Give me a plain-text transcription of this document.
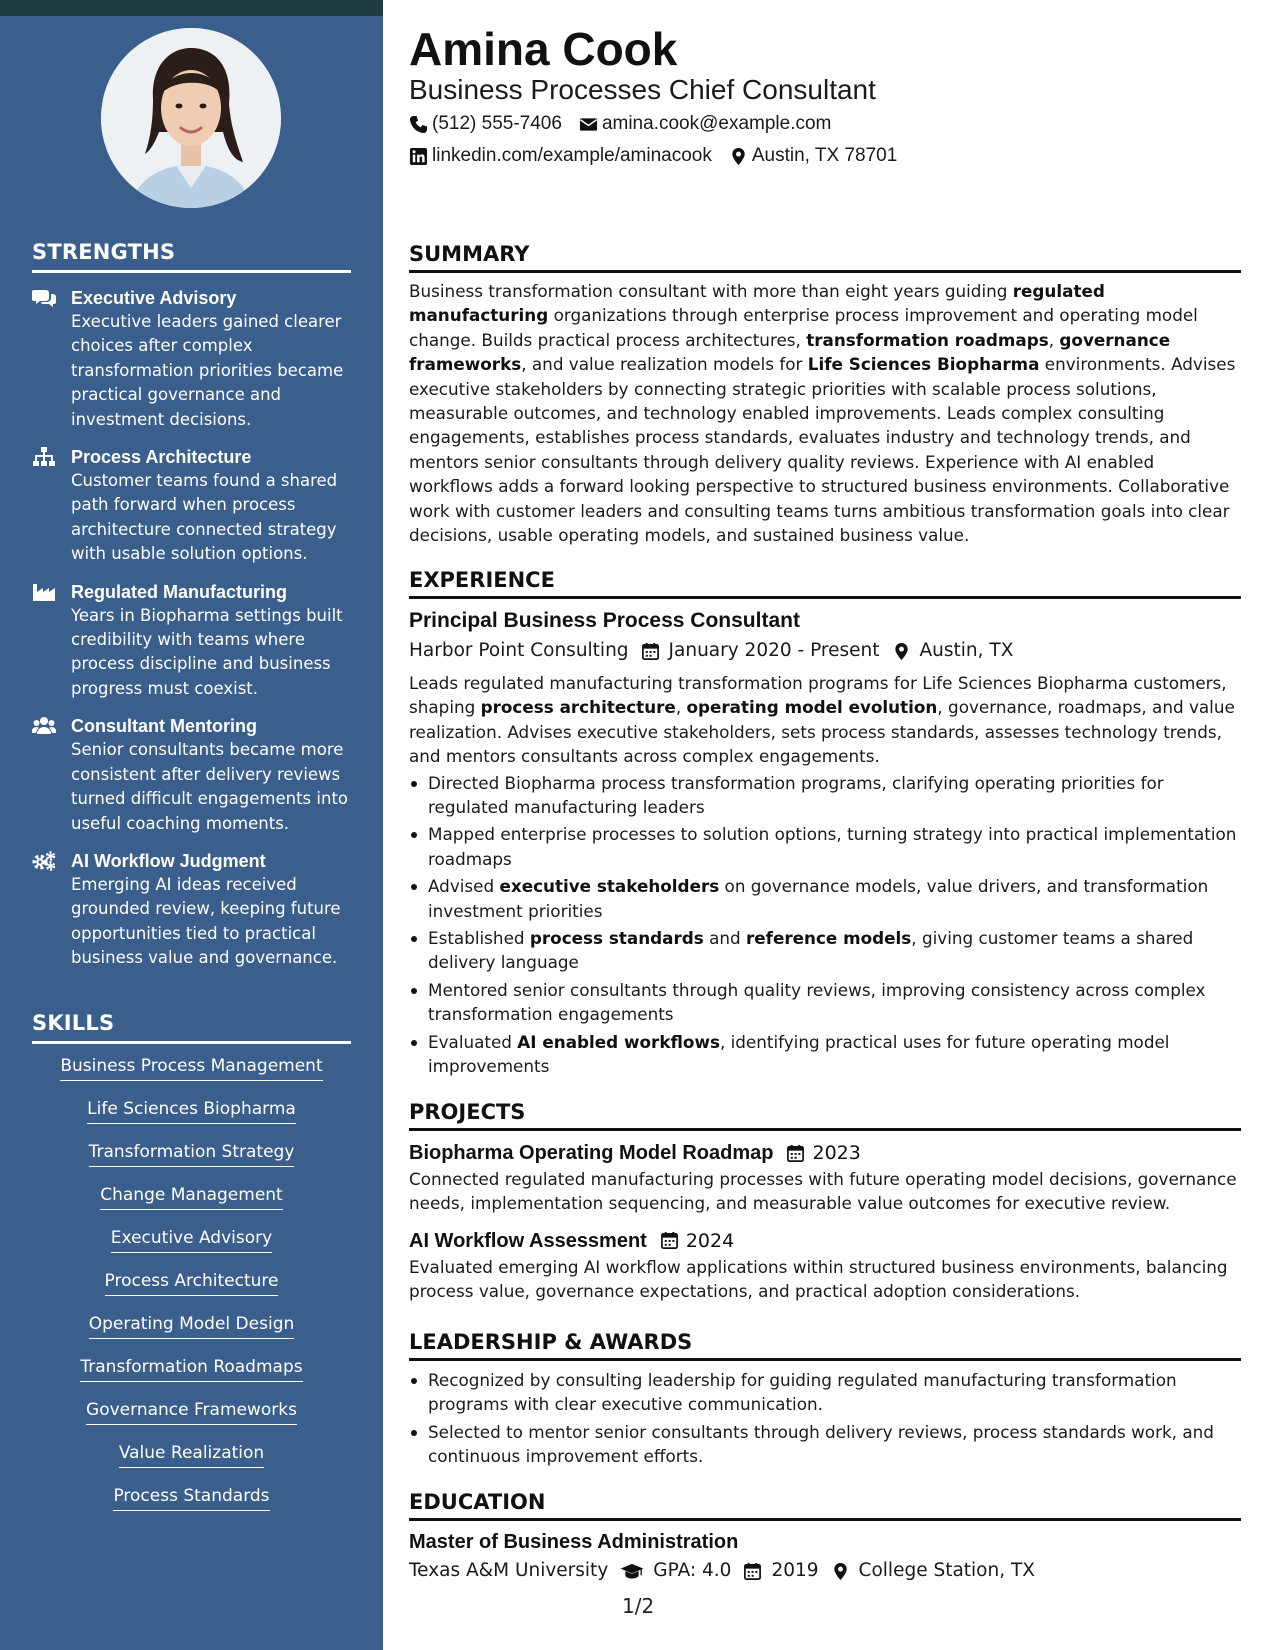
STRENGTHS
Executive Advisory
Executive leaders gained clearer choices after complex transformation priorities became practical governance and investment decisions.
Process Architecture
Customer teams found a shared path forward when process architecture connected strategy with usable solution options.
Regulated Manufacturing
Years in Biopharma settings built credibility with teams where process discipline and business progress must coexist.
Consultant Mentoring
Senior consultants became more consistent after delivery reviews turned difficult engagements into useful coaching moments.
AI Workflow Judgment
Emerging AI ideas received grounded review, keeping future opportunities tied to practical business value and governance.
SKILLS
Business Process Management
Life Sciences Biopharma
Transformation Strategy
Change Management
Executive Advisory
Process Architecture
Operating Model Design
Transformation Roadmaps
Governance Frameworks
Value Realization
Process Standards
Amina Cook
Business Processes Chief Consultant
(512) 555-7406 amina.cook@example.com
linkedin.com/example/aminacook Austin, TX 78701
SUMMARY

Business transformation consultant with more than eight years guiding regulated manufacturing organizations through enterprise process improvement and operating model change. Builds practical process architectures, transformation roadmaps, governance frameworks, and value realization models for Life Sciences Biopharma environments. Advises executive stakeholders by connecting strategic priorities with scalable process solutions, measurable outcomes, and technology enabled improvements. Leads complex consulting engagements, establishes process standards, evaluates industry and technology trends, and mentors senior consultants through delivery quality reviews. Experience with AI enabled workflows adds a forward looking perspective to structured business environments. Collaborative work with customer leaders and consulting teams turns ambitious transformation goals into clear decisions, usable operating models, and sustained business value.

EXPERIENCE
Principal Business Process Consultant
Harbor Point Consulting January 2020 - Present Austin, TX

Leads regulated manufacturing transformation programs for Life Sciences Biopharma customers, shaping process architecture, operating model evolution, governance, roadmaps, and value realization. Advises executive stakeholders, sets process standards, assesses technology trends, and mentors consultants across complex engagements.

Directed Biopharma process transformation programs, clarifying operating priorities for regulated manufacturing leaders
Mapped enterprise processes to solution options, turning strategy into practical implementation roadmaps
Advised executive stakeholders on governance models, value drivers, and transformation investment priorities
Established process standards and reference models, giving customer teams a shared delivery language
Mentored senior consultants through quality reviews, improving consistency across complex transformation engagements
Evaluated AI enabled workflows, identifying practical uses for future operating model improvements
PROJECTS
Biopharma Operating Model Roadmap 2023

Connected regulated manufacturing processes with future operating model decisions, governance needs, implementation sequencing, and measurable value outcomes for executive review.

AI Workflow Assessment 2024

Evaluated emerging AI workflow applications within structured business environments, balancing process value, governance expectations, and practical adoption considerations.

LEADERSHIP & AWARDS
Recognized by consulting leadership for guiding regulated manufacturing transformation programs with clear executive communication.
Selected to mentor senior consultants through delivery reviews, process standards work, and continuous improvement efforts.
EDUCATION
Master of Business Administration
Texas A&M University GPA: 4.0 2019 College Station, TX
1/2
